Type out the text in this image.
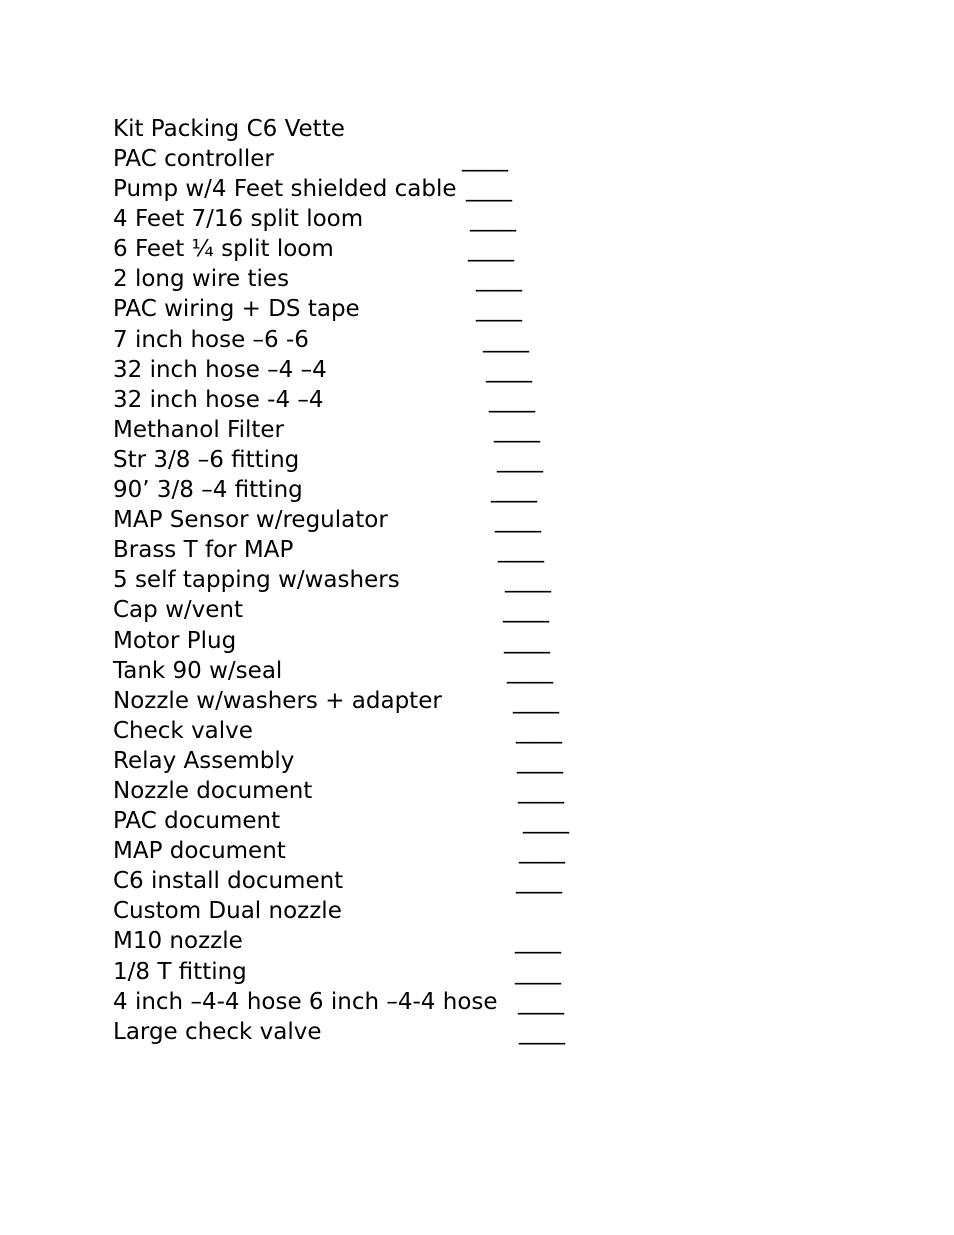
Kit Packing C6 Vette
PAC controller	____
Pump w/4 Feet shielded cable ____
4 Feet 7/16 split loom	____
6 Feet ¼ split loom	____
2 long wire ties	____
PAC wiring + DS tape	____
7 inch hose –6 -6	____
32 inch hose –4 –4	____
32 inch hose -4 –4	____
Methanol Filter	____
Str 3/8 –6 fitting	____
90’ 3/8 –4 fitting	____
MAP Sensor w/regulator	____
Brass T for MAP	____
5 self tapping w/washers	____
Cap w/vent	____
Motor Plug	____
Tank 90 w/seal	____
Nozzle w/washers + adapter	____
Check valve	____
Relay Assembly	____
Nozzle document	____
PAC document	____
MAP document	____
C6 install document	____
Custom Dual nozzle
M10 nozzle	____
1/8 T fitting	____
4 inch –4-4 hose 6 inch –4-4 hose ____
Large check valve	____
